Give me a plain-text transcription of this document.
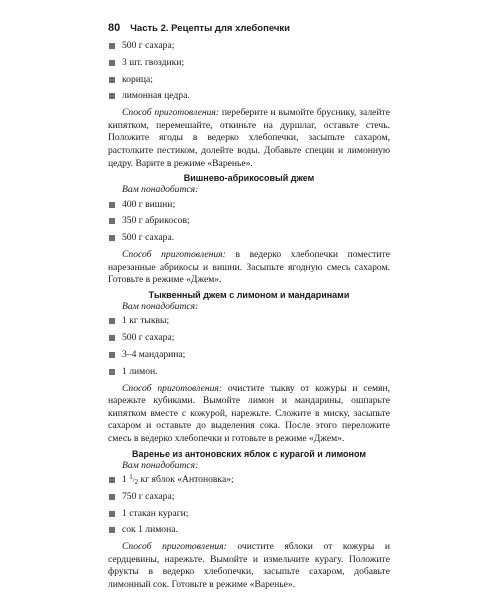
80 Часть 2. Рецепты для хлебопечки
500 г сахара;
3 шт. гвоздики;
корица;
лимонная цедра.

Способ приготовления: переберите и вымойте бруснику, залейте кипятком, перемешайте, откиньте на дуршлаг, оставьте стечь. Положите ягоды в ведерко хлебопечки, засыпьте сахаром, растолките пестиком, долейте воды. Добавьте специи и лимонную цедру. Варите в режиме «Варенье».

Вишнево-абрикосовый джем

Вам понадобится:

400 г вишни;
350 г абрикосов;
500 г сахара.

Способ приготовления: в ведерко хлебопечки поместите нарезанные абрикосы и вишни. Засыпьте ягодную смесь сахаром. Готовьте в режиме «Джем».

Тыквенный джем с лимоном и мандаринами

Вам понадобится:

1 кг тыквы;
500 г сахара;
3–4 мандарина;
1 лимон.

Способ приготовления: очистите тыкву от кожуры и семян, нарежьте кубиками. Вымойте лимон и мандарины, ошпарьте кипятком вместе с кожурой, нарежьте. Сложите в миску, засыпьте сахаром и оставьте до выделения сока. После этого переложите смесь в ведерко хлебопечки и готовьте в режиме «Джем».

Варенье из антоновских яблок с курагой и лимоном

Вам понадобится:

1 1/2 кг яблок «Антоновка»;
750 г сахара;
1 стакан кураги;
сок 1 лимона.

Способ приготовления: очистите яблоки от кожуры и сердцевины, нарежьте. Вымойте и измельчите курагу. Положите фрукты в ведерко хлебопечки, засыпьте сахаром, добавьте лимонный сок. Готовьте в режиме «Варенье».
